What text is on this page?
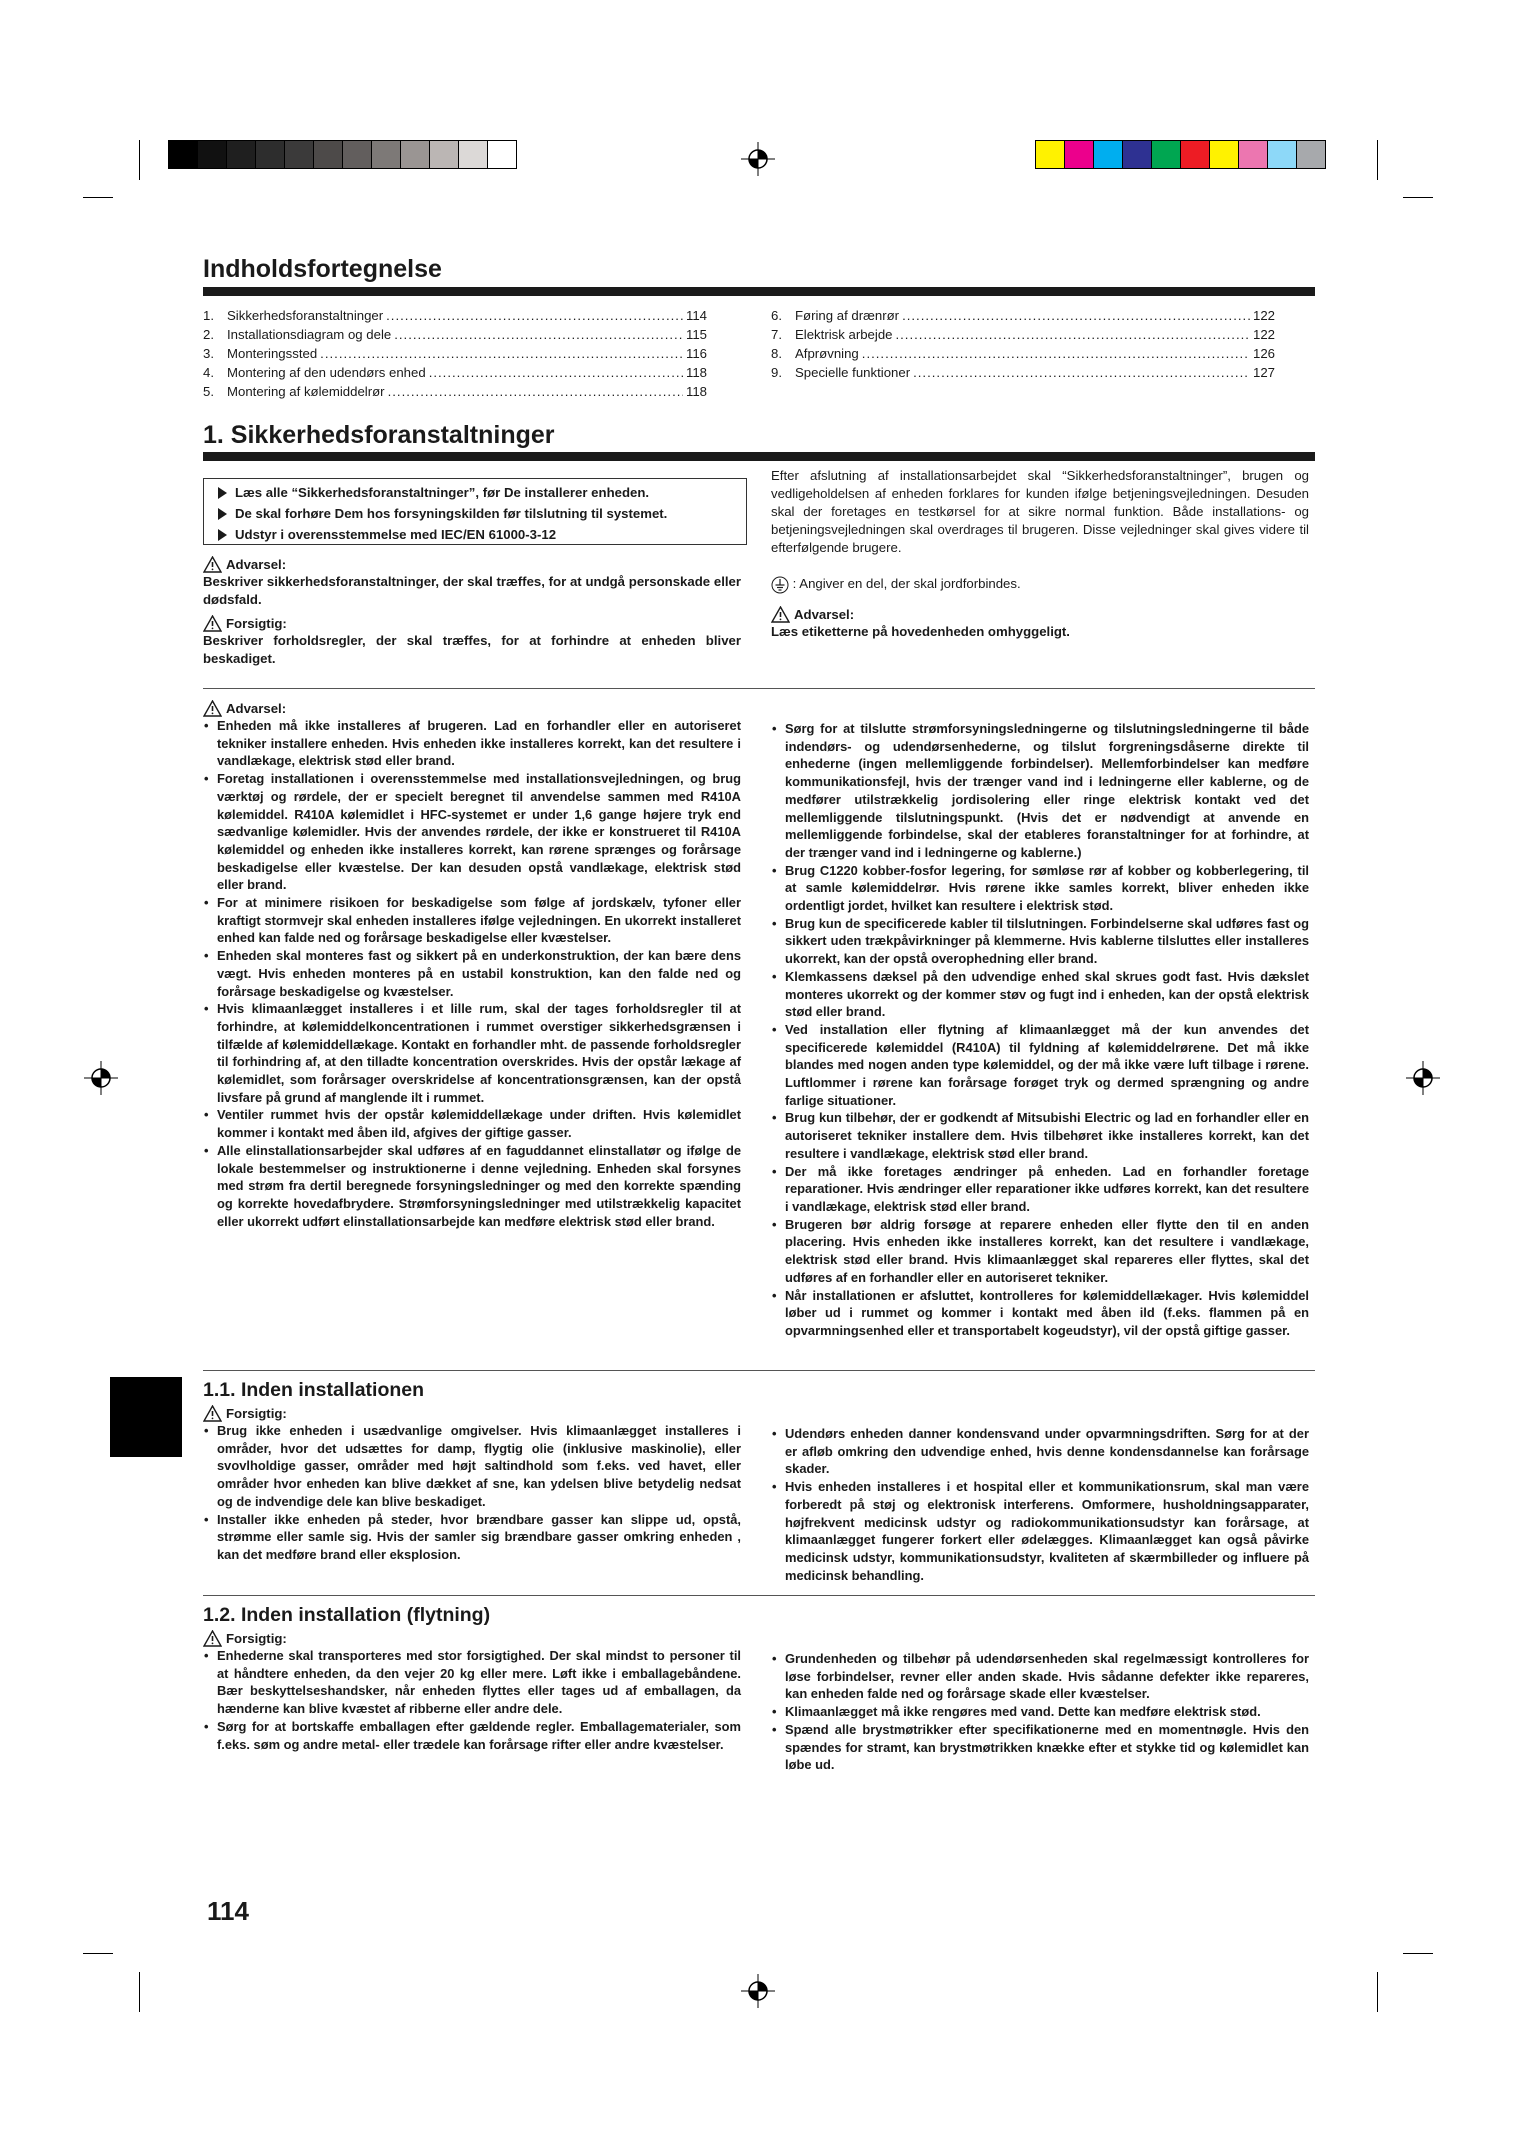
Indholdsfortegnelse
1. Sikkerhedsforanstaltninger .....	114
2. Installationsdiagram og dele .....	115
3. Monteringssted .....	116
4. Montering af den udendørs enhed .....	118
5. Montering af kølemiddelrør .....	118
6. Føring af drænrør .....	122
7. Elektrisk arbejde .....	122
8. Afprøvning .....	126
9. Specielle funktioner .....	127
1. Sikkerhedsforanstaltninger
Læs alle “Sikkerhedsforanstaltninger”, før De installerer enheden.
De skal forhøre Dem hos forsyningskilden før tilslutning til systemet.
Udstyr i overensstemmelse med IEC/EN 61000-3-12
Advarsel:
Beskriver sikkerhedsforanstaltninger, der skal træffes, for at undgå personskade eller dødsfald.
Forsigtig:
Beskriver forholdsregler, der skal træffes, for at forhindre at enheden bliver beskadiget.
Efter afslutning af installationsarbejdet skal “Sikkerhedsforanstaltninger”, brugen og vedligeholdelsen af enheden forklares for kunden ifølge betjeningsvejledningen. Desuden skal der foretages en testkørsel for at sikre normal funktion. Både installations- og betjeningsvejledningen skal overdrages til brugeren. Disse vejledninger skal gives videre til efterfølgende brugere.
: Angiver en del, der skal jordforbindes.
Advarsel:
Læs etiketterne på hovedenheden omhyggeligt.
Advarsel:
• Enheden må ikke installeres af brugeren. Lad en forhandler eller en autoriseret tekniker installere enheden. Hvis enheden ikke installeres korrekt, kan det resultere i vandlækage, elektrisk stød eller brand.
• Foretag installationen i overensstemmelse med installationsvejledningen, og brug værktøj og rørdele, der er specielt beregnet til anvendelse sammen med R410A kølemiddel. R410A kølemidlet i HFC-systemet er under 1,6 gange højere tryk end sædvanlige kølemidler. Hvis der anvendes rørdele, der ikke er konstrueret til R410A kølemiddel og enheden ikke installeres korrekt, kan rørene sprænges og forårsage beskadigelse eller kvæstelse. Der kan desuden opstå vandlækage, elektrisk stød eller brand.
• For at minimere risikoen for beskadigelse som følge af jordskælv, tyfoner eller kraftigt stormvejr skal enheden installeres ifølge vejledningen. En ukorrekt installeret enhed kan falde ned og forårsage beskadigelse eller kvæstelser.
• Enheden skal monteres fast og sikkert på en underkonstruktion, der kan bære dens vægt. Hvis enheden monteres på en ustabil konstruktion, kan den falde ned og forårsage beskadigelse og kvæstelser.
• Hvis klimaanlægget installeres i et lille rum, skal der tages forholdsregler til at forhindre, at kølemiddelkoncentrationen i rummet overstiger sikkerhedsgrænsen i tilfælde af kølemiddellækage. Kontakt en forhandler mht. de passende forholdsregler til forhindring af, at den tilladte koncentration overskrides. Hvis der opstår lækage af kølemidlet, som forårsager overskridelse af koncentrationsgrænsen, kan der opstå livsfare på grund af manglende ilt i rummet.
• Ventiler rummet hvis der opstår kølemiddellækage under driften. Hvis kølemidlet kommer i kontakt med åben ild, afgives der giftige gasser.
• Alle elinstallationsarbejder skal udføres af en faguddannet elinstallatør og ifølge de lokale bestemmelser og instruktionerne i denne vejledning. Enheden skal forsynes med strøm fra dertil beregnede forsyningsledninger og med den korrekte spænding og korrekte hovedafbrydere. Strømforsyningsledninger med utilstrækkelig kapacitet eller ukorrekt udført elinstallationsarbejde kan medføre elektrisk stød eller brand.
• Sørg for at tilslutte strømforsyningsledningerne og tilslutningsledningerne til både indendørs- og udendørsenhederne, og tilslut forgreningsdåserne direkte til enhederne (ingen mellemliggende forbindelser). Mellemforbindelser kan medføre kommunikationsfejl, hvis der trænger vand ind i ledningerne eller kablerne, og de medfører utilstrækkelig jordisolering eller ringe elektrisk kontakt ved det mellemliggende tilslutningspunkt. (Hvis det er nødvendigt at anvende en mellemliggende forbindelse, skal der etableres foranstaltninger for at forhindre, at der trænger vand ind i ledningerne og kablerne.)
• Brug C1220 kobber-fosfor legering, for sømløse rør af kobber og kobberlegering, til at samle kølemiddelrør. Hvis rørene ikke samles korrekt, bliver enheden ikke ordentligt jordet, hvilket kan resultere i elektrisk stød.
• Brug kun de specificerede kabler til tilslutningen. Forbindelserne skal udføres fast og sikkert uden trækpåvirkninger på klemmerne. Hvis kablerne tilsluttes eller installeres ukorrekt, kan der opstå overophedning eller brand.
• Klemkassens dæksel på den udvendige enhed skal skrues godt fast. Hvis dækslet monteres ukorrekt og der kommer støv og fugt ind i enheden, kan der opstå elektrisk stød eller brand.
• Ved installation eller flytning af klimaanlægget må der kun anvendes det specificerede kølemiddel (R410A) til fyldning af kølemiddelrørene. Det må ikke blandes med nogen anden type kølemiddel, og der må ikke være luft tilbage i rørene. Luftlommer i rørene kan forårsage forøget tryk og dermed sprængning og andre farlige situationer.
• Brug kun tilbehør, der er godkendt af Mitsubishi Electric og lad en forhandler eller en autoriseret tekniker installere dem. Hvis tilbehøret ikke installeres korrekt, kan det resultere i vandlækage, elektrisk stød eller brand.
• Der må ikke foretages ændringer på enheden. Lad en forhandler foretage reparationer. Hvis ændringer eller reparationer ikke udføres korrekt, kan det resultere i vandlækage, elektrisk stød eller brand.
• Brugeren bør aldrig forsøge at reparere enheden eller flytte den til en anden placering. Hvis enheden ikke installeres korrekt, kan det resultere i vandlækage, elektrisk stød eller brand. Hvis klimaanlægget skal repareres eller flyttes, skal det udføres af en forhandler eller en autoriseret tekniker.
• Når installationen er afsluttet, kontrolleres for kølemiddellækager. Hvis kølemiddel løber ud i rummet og kommer i kontakt med åben ild (f.eks. flammen på en opvarmningsenhed eller et transportabelt kogeudstyr), vil der opstå giftige gasser.
1.1. Inden installationen
Forsigtig:
• Brug ikke enheden i usædvanlige omgivelser. Hvis klimaanlægget installeres i områder, hvor det udsættes for damp, flygtig olie (inklusive maskinolie), eller svovlholdige gasser, områder med højt saltindhold som f.eks. ved havet, eller områder hvor enheden kan blive dækket af sne, kan ydelsen blive betydelig nedsat og de indvendige dele kan blive beskadiget.
• Installer ikke enheden på steder, hvor brændbare gasser kan slippe ud, opstå, strømme eller samle sig. Hvis der samler sig brændbare gasser omkring enheden , kan det medføre brand eller eksplosion.
• Udendørs enheden danner kondensvand under opvarmningsdriften. Sørg for at der er afløb omkring den udvendige enhed, hvis denne kondensdannelse kan forårsage skader.
• Hvis enheden installeres i et hospital eller et kommunikationsrum, skal man være forberedt på støj og elektronisk interferens. Omformere, husholdningsapparater, højfrekvent medicinsk udstyr og radiokommunikationsudstyr kan forårsage, at klimaanlægget fungerer forkert eller ødelægges. Klimaanlægget kan også påvirke medicinsk udstyr, kommunikationsudstyr, kvaliteten af skærmbilleder og influere på medicinsk behandling.
1.2. Inden installation (flytning)
Forsigtig:
• Enhederne skal transporteres med stor forsigtighed. Der skal mindst to personer til at håndtere enheden, da den vejer 20 kg eller mere. Løft ikke i emballagebåndene. Bær beskyttelseshandsker, når enheden flyttes eller tages ud af emballagen, da hænderne kan blive kvæstet af ribberne eller andre dele.
• Sørg for at bortskaffe emballagen efter gældende regler. Emballagematerialer, som f.eks. søm og andre metal- eller trædele kan forårsage rifter eller andre kvæstelser.
• Grundenheden og tilbehør på udendørsenheden skal regelmæssigt kontrolleres for løse forbindelser, revner eller anden skade. Hvis sådanne defekter ikke repareres, kan enheden falde ned og forårsage skade eller kvæstelser.
• Klimaanlægget må ikke rengøres med vand. Dette kan medføre elektrisk stød.
• Spænd alle brystmøtrikker efter specifikationerne med en momentnøgle. Hvis den spændes for stramt, kan brystmøtrikken knække efter et stykke tid og kølemidlet kan løbe ud.
114
